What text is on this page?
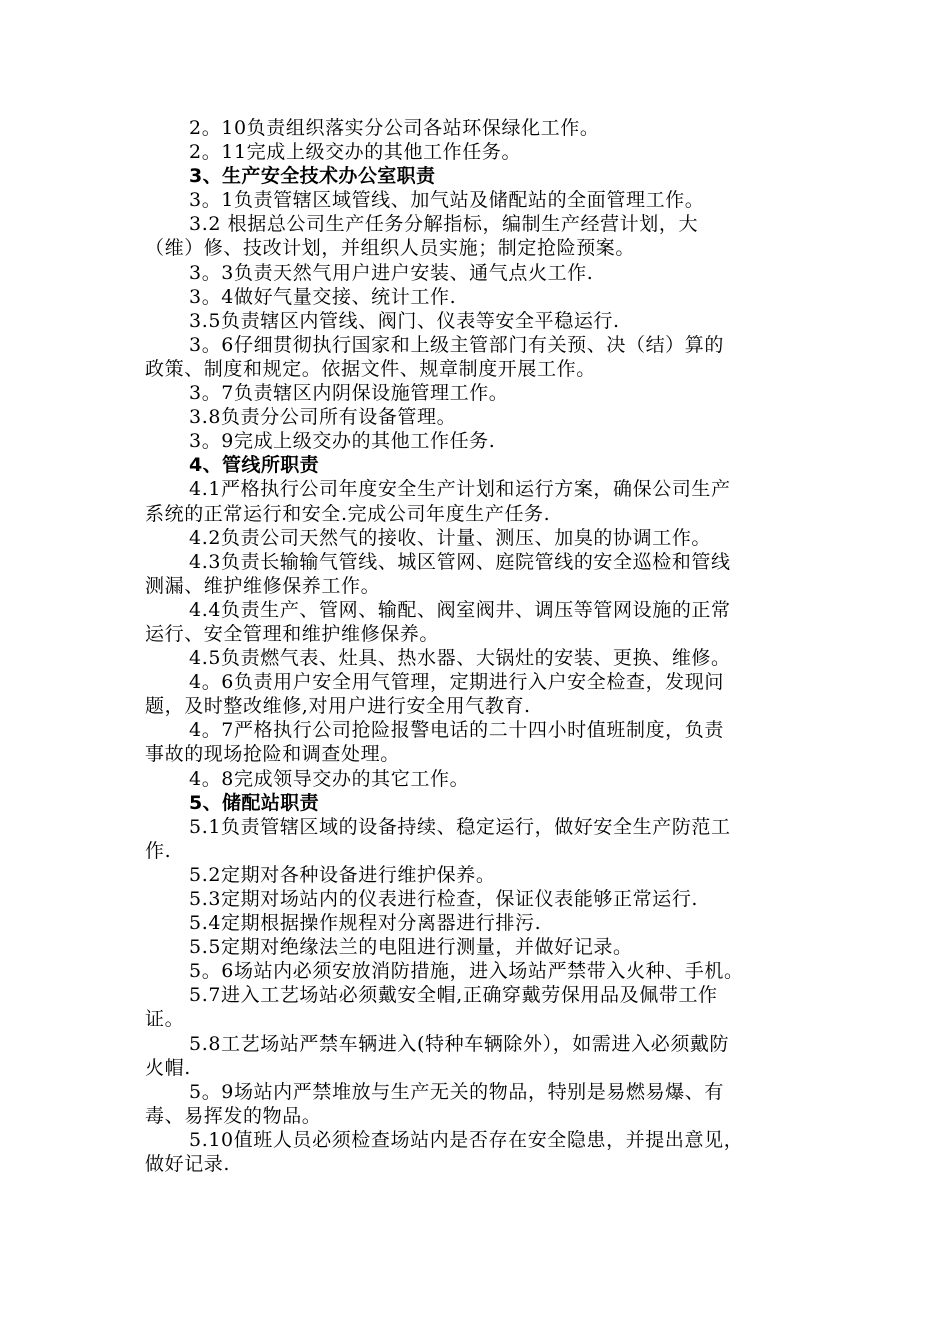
2。10负责组织落实分公司各站环保绿化工作。
2。11完成上级交办的其他工作任务。
3、生产安全技术办公室职责
3。1负责管辖区域管线、加气站及储配站的全面管理工作。
3.2 根据总公司生产任务分解指标，编制生产经营计划，大
（维）修、技改计划，并组织人员实施；制定抢险预案。
3。3负责天然气用户进户安装、通气点火工作.
3。4做好气量交接、统计工作.
3.5负责辖区内管线、阀门、仪表等安全平稳运行.
3。6仔细贯彻执行国家和上级主管部门有关预、决（结）算的
政策、制度和规定。依据文件、规章制度开展工作。
3。7负责辖区内阴保设施管理工作。
3.8负责分公司所有设备管理。
3。9完成上级交办的其他工作任务.
4、管线所职责
4.1严格执行公司年度安全生产计划和运行方案，确保公司生产
系统的正常运行和安全.完成公司年度生产任务.
4.2负责公司天然气的接收、计量、测压、加臭的协调工作。
4.3负责长输输气管线、城区管网、庭院管线的安全巡检和管线
测漏、维护维修保养工作。
4.4负责生产、管网、输配、阀室阀井、调压等管网设施的正常
运行、安全管理和维护维修保养。
4.5负责燃气表、灶具、热水器、大锅灶的安装、更换、维修。
4。6负责用户安全用气管理，定期进行入户安全检查，发现问
题，及时整改维修,对用户进行安全用气教育.
4。7严格执行公司抢险报警电话的二十四小时值班制度，负责
事故的现场抢险和调查处理。
4。8完成领导交办的其它工作。
5、储配站职责
5.1负责管辖区域的设备持续、稳定运行，做好安全生产防范工
作.
5.2定期对各种设备进行维护保养。
5.3定期对场站内的仪表进行检查，保证仪表能够正常运行.
5.4定期根据操作规程对分离器进行排污.
5.5定期对绝缘法兰的电阻进行测量，并做好记录。
5。6场站内必须安放消防措施，进入场站严禁带入火种、手机。
5.7进入工艺场站必须戴安全帽,正确穿戴劳保用品及佩带工作
证。
5.8工艺场站严禁车辆进入(特种车辆除外），如需进入必须戴防
火帽.
5。9场站内严禁堆放与生产无关的物品，特别是易燃易爆、有
毒、易挥发的物品。
5.10值班人员必须检查场站内是否存在安全隐患，并提出意见，
做好记录.
